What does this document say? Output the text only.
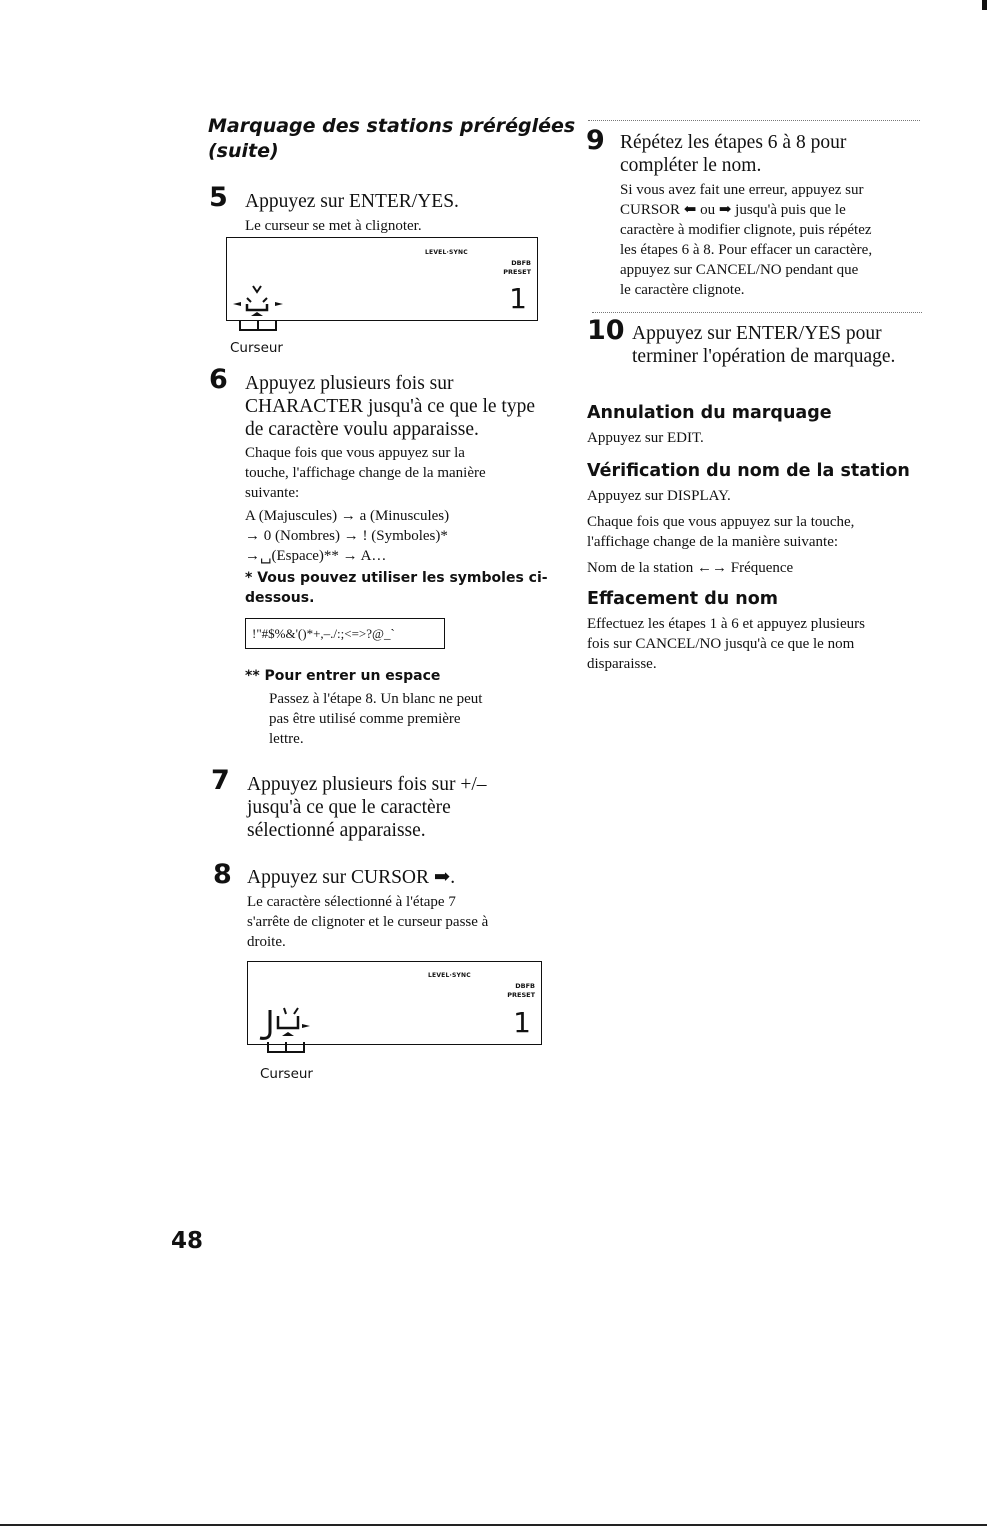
Marquage des stations préréglées
(suite)
5 Appuyez sur ENTER/YES.
Le curseur se met à clignoter.
LEVEL·SYNC
DBFB
PRESET
1
Curseur
6 Appuyez plusieurs fois sur
CHARACTER jusqu'à ce que le type
de caractère voulu apparaisse.
Chaque fois que vous appuyez sur la
touche, l'affichage change de la manière
suivante:
A (Majuscules) → a (Minuscules)
→ 0 (Nombres) → ! (Symboles)*
→␣(Espace)** → A…
* Vous pouvez utiliser les symboles ci-
dessous.
!"#$%&'()*+,–./:;<=>?@_`
** Pour entrer un espace
Passez à l'étape 8. Un blanc ne peut
pas être utilisé comme première
lettre.
7 Appuyez plusieurs fois sur +/–
jusqu'à ce que le caractère
sélectionné apparaisse.
8 Appuyez sur CURSOR ➡.
Le caractère sélectionné à l'étape 7
s'arrête de clignoter et le curseur passe à
droite.
LEVEL·SYNC
DBFB
PRESET
1
Curseur
9 Répétez les étapes 6 à 8 pour
compléter le nom.
Si vous avez fait une erreur, appuyez sur
CURSOR ⬅ ou ➡ jusqu'à puis que le
caractère à modifier clignote, puis répétez
les étapes 6 à 8. Pour effacer un caractère,
appuyez sur CANCEL/NO pendant que
le caractère clignote.
10 Appuyez sur ENTER/YES pour
terminer l'opération de marquage.
Annulation du marquage
Appuyez sur EDIT.
Vérification du nom de la station
Appuyez sur DISPLAY.
Chaque fois que vous appuyez sur la touche,
l'affichage change de la manière suivante:
Nom de la station ←→ Fréquence
Effacement du nom
Effectuez les étapes 1 à 6 et appuyez plusieurs
fois sur CANCEL/NO jusqu'à ce que le nom
disparaisse.
48
